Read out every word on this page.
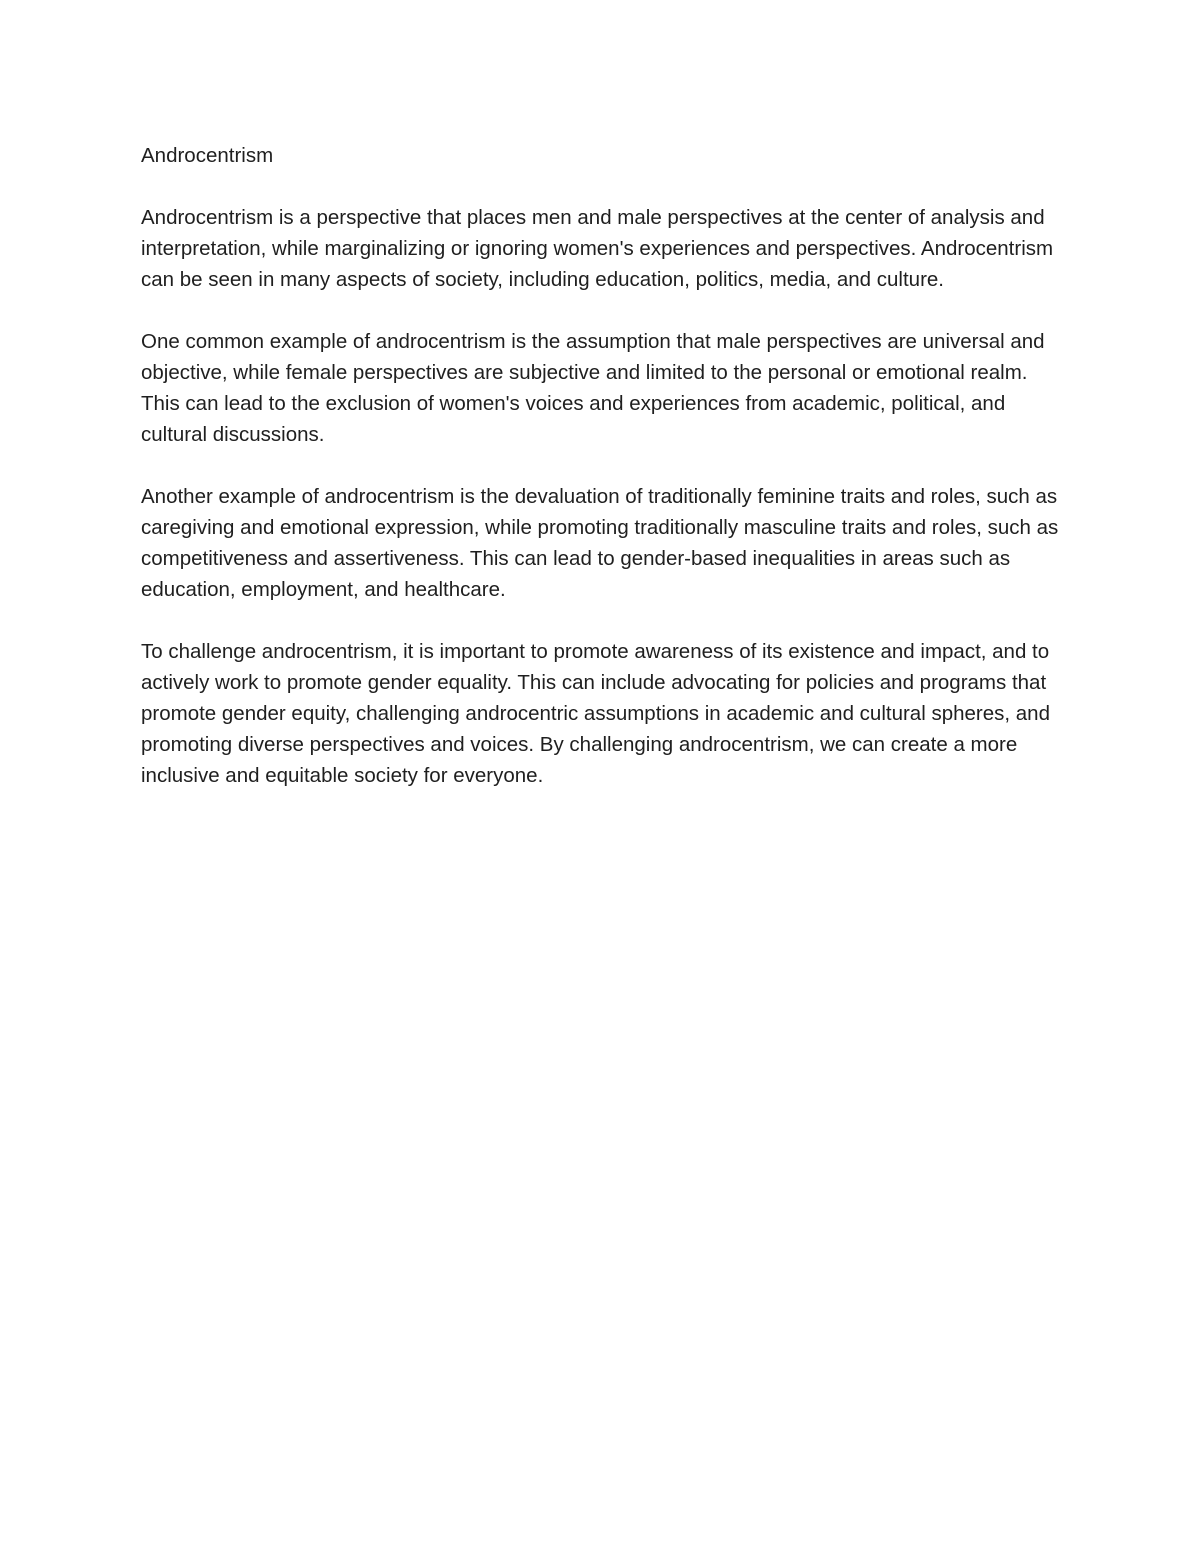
Androcentrism

Androcentrism is a perspective that places men and male perspectives at the center of analysis and interpretation, while marginalizing or ignoring women's experiences and perspectives. Androcentrism can be seen in many aspects of society, including education, politics, media, and culture.

One common example of androcentrism is the assumption that male perspectives are universal and objective, while female perspectives are subjective and limited to the personal or emotional realm. This can lead to the exclusion of women's voices and experiences from academic, political, and cultural discussions.

Another example of androcentrism is the devaluation of traditionally feminine traits and roles, such as caregiving and emotional expression, while promoting traditionally masculine traits and roles, such as competitiveness and assertiveness. This can lead to gender-based inequalities in areas such as education, employment, and healthcare.

To challenge androcentrism, it is important to promote awareness of its existence and impact, and to actively work to promote gender equality. This can include advocating for policies and programs that promote gender equity, challenging androcentric assumptions in academic and cultural spheres, and promoting diverse perspectives and voices. By challenging androcentrism, we can create a more inclusive and equitable society for everyone.
